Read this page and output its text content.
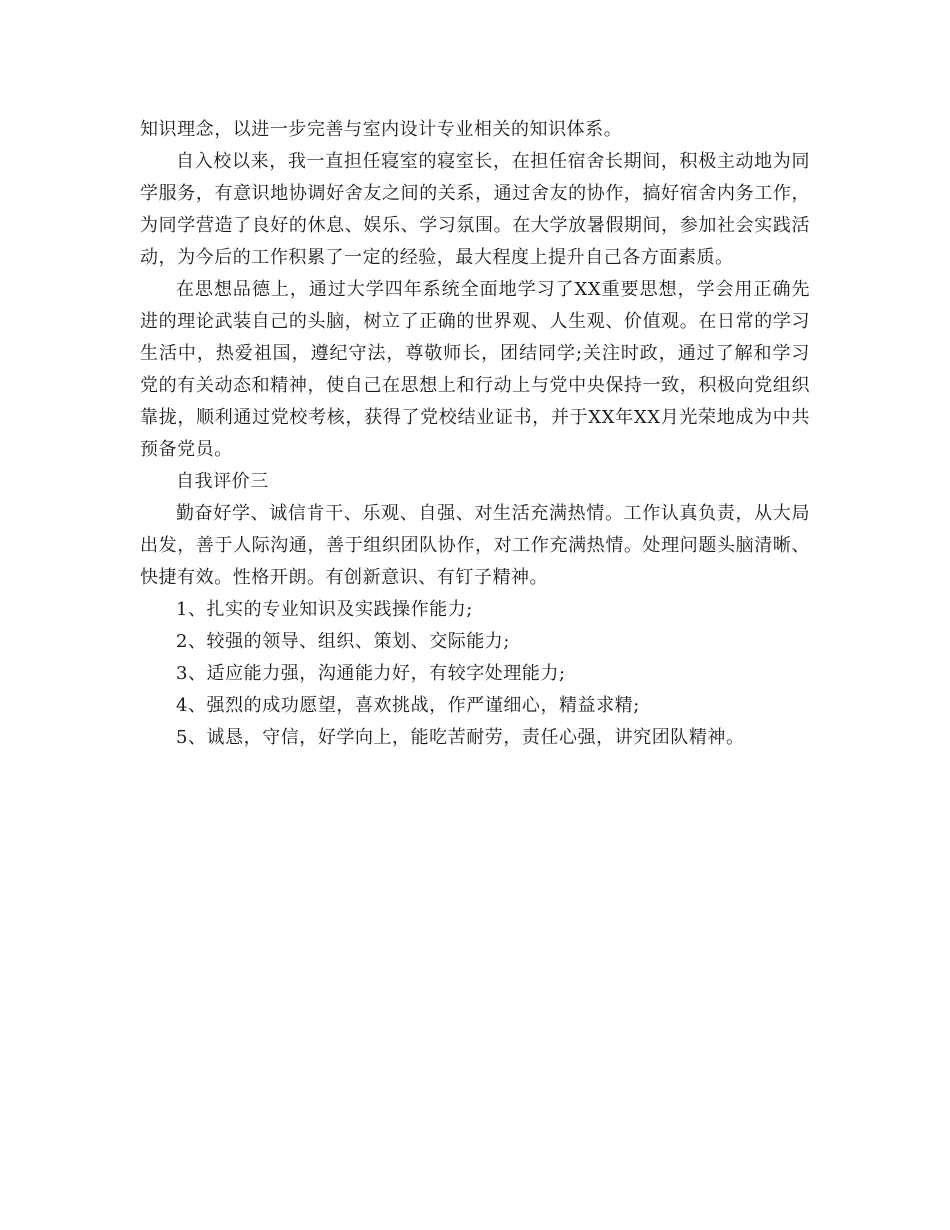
知识理念，以进一步完善与室内设计专业相关的知识体系。

自入校以来，我一直担任寝室的寝室长，在担任宿舍长期间，积极主动地为同学服务，有意识地协调好舍友之间的关系，通过舍友的协作，搞好宿舍内务工作，为同学营造了良好的休息、娱乐、学习氛围。在大学放暑假期间，参加社会实践活动，为今后的工作积累了一定的经验，最大程度上提升自己各方面素质。

在思想品德上，通过大学四年系统全面地学习了XX重要思想，学会用正确先进的理论武装自己的头脑，树立了正确的世界观、人生观、价值观。在日常的学习生活中，热爱祖国，遵纪守法，尊敬师长，团结同学;关注时政，通过了解和学习党的有关动态和精神，使自己在思想上和行动上与党中央保持一致，积极向党组织靠拢，顺利通过党校考核，获得了党校结业证书，并于XX年XX月光荣地成为中共预备党员。

自我评价三

勤奋好学、诚信肯干、乐观、自强、对生活充满热情。工作认真负责，从大局出发，善于人际沟通，善于组织团队协作，对工作充满热情。处理问题头脑清晰、快捷有效。性格开朗。有创新意识、有钉子精神。

1、扎实的专业知识及实践操作能力;

2、较强的领导、组织、策划、交际能力;

3、适应能力强，沟通能力好，有较字处理能力;

4、强烈的成功愿望，喜欢挑战，作严谨细心，精益求精;

5、诚恳，守信，好学向上，能吃苦耐劳，责任心强，讲究团队精神。
